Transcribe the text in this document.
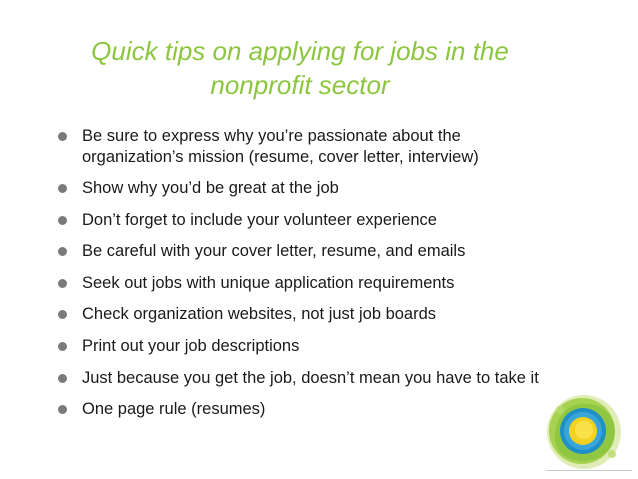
Quick tips on applying for jobs in the
nonprofit sector
Be sure to express why you’re passionate about the organization’s mission (resume, cover letter, interview)
Show why you’d be great at the job
Don’t forget to include your volunteer experience
Be careful with your cover letter, resume, and emails
Seek out jobs with unique application requirements
Check organization websites, not just job boards
Print out your job descriptions
Just because you get the job, doesn’t mean you have to take it
One page rule (resumes)
